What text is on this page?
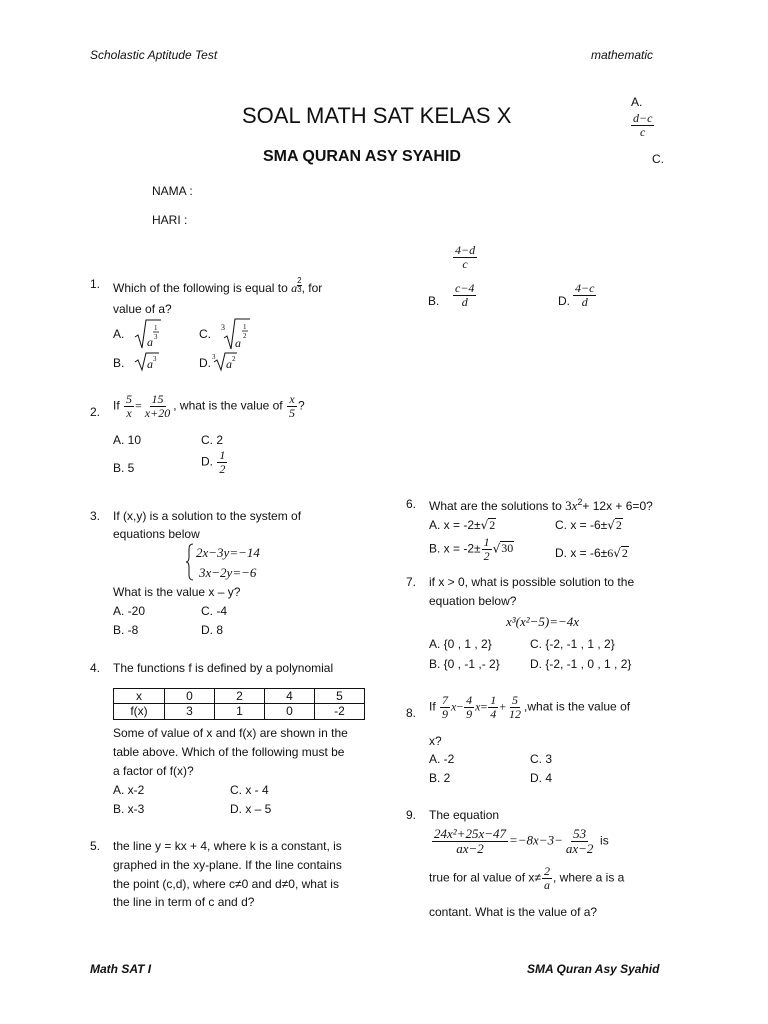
Scholastic Aptitude Test	mathematic
SOAL MATH SAT KELAS X
SMA QURAN ASY SYAHID
NAMA :
HARI :
A.
$\frac{d-c}{c}$
C.
$\frac{4-d}{c}$
B. $\frac{c-4}{d}$	D. $\frac{4-c}{d}$
1. Which of the following is equal to a $\frac{2}{3}$ , for
value of a?
A.
a
1
3	C. 3
a
1
2
B. a 3	D. 3 a 2
2. If $\frac{5}{x} = \frac{15}{x+20}$ , what is the value of $\frac{x}{5}$ ?
A. 10	C. 2
B. 5	D. $\frac{1}{2}$
3. If (x,y) is a solution to the system of
equations below
2x−3y=−14
3x−2y=−6
What is the value x – y?
A. -20	C. -4
B. -8	D. 8
4. The functions f is defined by a polynomial
x	0	2	4	5
f(x)	3	1	0	-2
Some of value of x and f(x) are shown in the
table above. Which of the following must be
a factor of f(x)?
A. x-2	C. x - 4
B. x-3	D. x – 5
5. the line y = kx + 4, where k is a constant, is
graphed in the xy-plane. If the line contains
the point (c,d), where c≠0 and d≠0, what is
the line in term of c and d?
6. What are the solutions to $3x^2+ 12x + 6=0$?
A. x = -2±√2	C. x = -6±√2
B. $x = -2\pm \frac{1}{2} √30$	D. x = -6±6√2
7. if x > 0, what is possible solution to the
equation below?
x³(x²−5)=−4x
A. {0 , 1 , 2}	C. {-2, -1 , 1 , 2}
B. {0 , -1 ,- 2}	D. {-2, -1 , 0 , 1 , 2}
8. If $\frac{7}{9} x- \frac{4}{9} x= \frac{1}{4} + \frac{5}{12}$ ,what is the value of
x?
A. -2	C. 3
B. 2	D. 4
9. The equation
$\frac{\text{24x²+25x−47}}{ax-2} =-8x-3- \frac{53}{ax-2}$ is
true for al value of $x\ne \frac{2}{a}$ , where a is a
contant. What is the value of a?
Math SAT I	SMA Quran Asy Syahid
